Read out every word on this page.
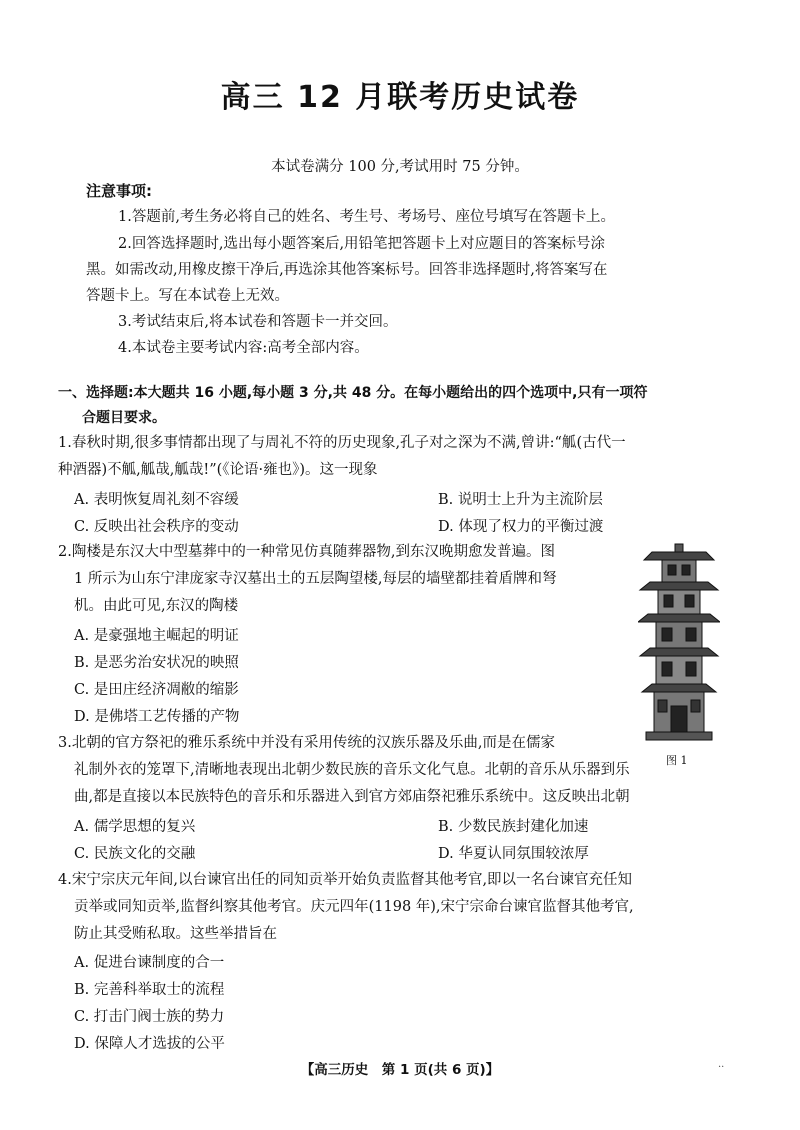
高三 12 月联考历史试卷
本试卷满分 100 分,考试用时 75 分钟。
注意事项:
1.答题前,考生务必将自己的姓名、考生号、考场号、座位号填写在答题卡上。
2.回答选择题时,选出每小题答案后,用铅笔把答题卡上对应题目的答案标号涂
黑。如需改动,用橡皮擦干净后,再选涂其他答案标号。回答非选择题时,将答案写在
答题卡上。写在本试卷上无效。
3.考试结束后,将本试卷和答题卡一并交回。
4.本试卷主要考试内容:高考全部内容。
一、选择题:本大题共 16 小题,每小题 3 分,共 48 分。在每小题给出的四个选项中,只有一项符
合题目要求。
1.春秋时期,很多事情都出现了与周礼不符的历史现象,孔子对之深为不满,曾讲:“觚(古代一
种酒器)不觚,觚哉,觚哉!”(《论语·雍也》)。这一现象
A. 表明恢复周礼刻不容缓	B. 说明士上升为主流阶层
C. 反映出社会秩序的变动	D. 体现了权力的平衡过渡
2.陶楼是东汉大中型墓葬中的一种常见仿真随葬器物,到东汉晚期愈发普遍。图
1 所示为山东宁津庞家寺汉墓出土的五层陶望楼,每层的墙壁都挂着盾牌和弩
机。由此可见,东汉的陶楼
A. 是豪强地主崛起的明证
B. 是恶劣治安状况的映照
C. 是田庄经济凋敝的缩影
D. 是佛塔工艺传播的产物
图 1
3.北朝的官方祭祀的雅乐系统中并没有采用传统的汉族乐器及乐曲,而是在儒家
礼制外衣的笼罩下,清晰地表现出北朝少数民族的音乐文化气息。北朝的音乐从乐器到乐
曲,都是直接以本民族特色的音乐和乐器进入到官方郊庙祭祀雅乐系统中。这反映出北朝
A. 儒学思想的复兴	B. 少数民族封建化加速
C. 民族文化的交融	D. 华夏认同氛围较浓厚
4.宋宁宗庆元年间,以台谏官出任的同知贡举开始负责监督其他考官,即以一名台谏官充任知
贡举或同知贡举,监督纠察其他考官。庆元四年(1198 年),宋宁宗命台谏官监督其他考官,
防止其受贿私取。这些举措旨在
A. 促进台谏制度的合一
B. 完善科举取士的流程
C. 打击门阀士族的势力
D. 保障人才选拔的公平
【高三历史　第 1 页(共 6 页)】	··
